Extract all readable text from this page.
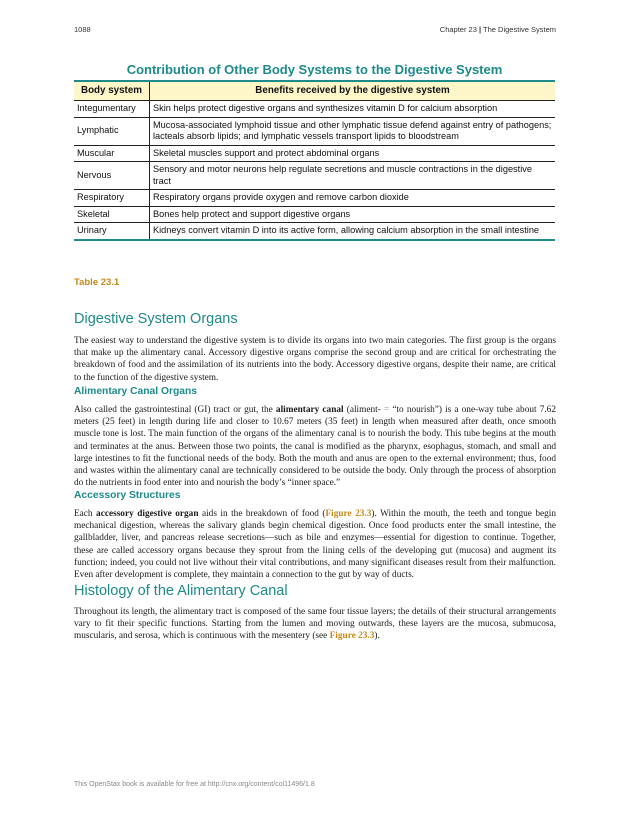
1088	Chapter 23 | The Digestive System
Contribution of Other Body Systems to the Digestive System
Body system	Benefits received by the digestive system
Integumentary	Skin helps protect digestive organs and synthesizes vitamin D for calcium absorption
Lymphatic	Mucosa-associated lymphoid tissue and other lymphatic tissue defend against entry of pathogens; lacteals absorb lipids; and lymphatic vessels transport lipids to bloodstream
Muscular	Skeletal muscles support and protect abdominal organs
Nervous	Sensory and motor neurons help regulate secretions and muscle contractions in the digestive tract
Respiratory	Respiratory organs provide oxygen and remove carbon dioxide
Skeletal	Bones help protect and support digestive organs
Urinary	Kidneys convert vitamin D into its active form, allowing calcium absorption in the small intestine
Table 23.1
Digestive System Organs

The easiest way to understand the digestive system is to divide its organs into two main categories. The first group is the organs that make up the alimentary canal. Accessory digestive organs comprise the second group and are critical for orchestrating the breakdown of food and the assimilation of its nutrients into the body. Accessory digestive organs, despite their name, are critical to the function of the digestive system.

Alimentary Canal Organs

Also called the gastrointestinal (GI) tract or gut, the alimentary canal (aliment- = “to nourish”) is a one-way tube about 7.62 meters (25 feet) in length during life and closer to 10.67 meters (35 feet) in length when measured after death, once smooth muscle tone is lost. The main function of the organs of the alimentary canal is to nourish the body. This tube begins at the mouth and terminates at the anus. Between those two points, the canal is modified as the pharynx, esophagus, stomach, and small and large intestines to fit the functional needs of the body. Both the mouth and anus are open to the external environment; thus, food and wastes within the alimentary canal are technically considered to be outside the body. Only through the process of absorption do the nutrients in food enter into and nourish the body’s “inner space.”

Accessory Structures

Each accessory digestive organ aids in the breakdown of food (Figure 23.3). Within the mouth, the teeth and tongue begin mechanical digestion, whereas the salivary glands begin chemical digestion. Once food products enter the small intestine, the gallbladder, liver, and pancreas release secretions—such as bile and enzymes—essential for digestion to continue. Together, these are called accessory organs because they sprout from the lining cells of the developing gut (mucosa) and augment its function; indeed, you could not live without their vital contributions, and many significant diseases result from their malfunction. Even after development is complete, they maintain a connection to the gut by way of ducts.

Histology of the Alimentary Canal

Throughout its length, the alimentary tract is composed of the same four tissue layers; the details of their structural arrangements vary to fit their specific functions. Starting from the lumen and moving outwards, these layers are the mucosa, submucosa, muscularis, and serosa, which is continuous with the mesentery (see Figure 23.3).

This OpenStax book is available for free at http://cnx.org/content/col11496/1.8
